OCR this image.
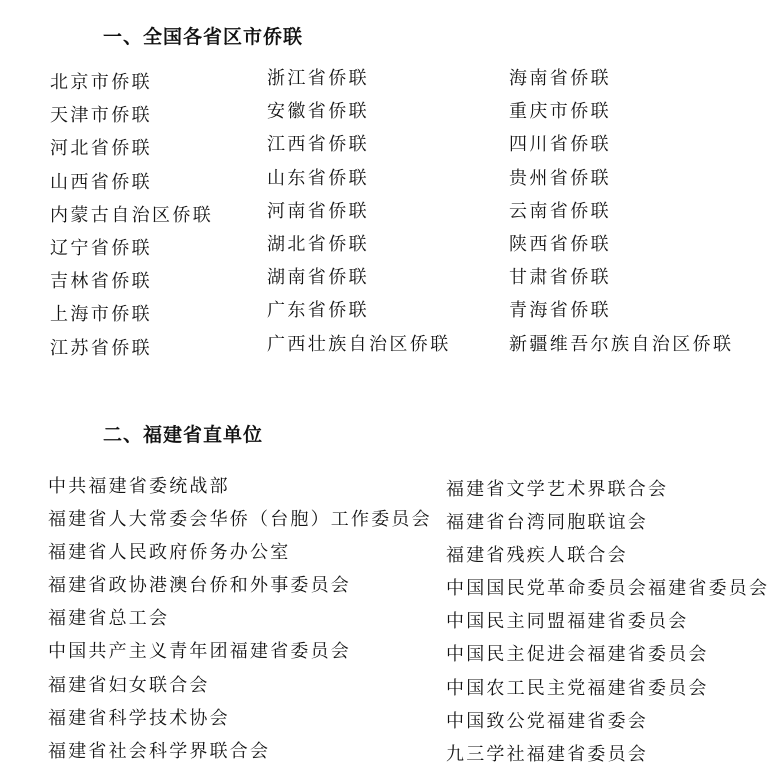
一、全国各省区市侨联
北京市侨联
天津市侨联
河北省侨联
山西省侨联
内蒙古自治区侨联
辽宁省侨联
吉林省侨联
上海市侨联
江苏省侨联
浙江省侨联
安徽省侨联
江西省侨联
山东省侨联
河南省侨联
湖北省侨联
湖南省侨联
广东省侨联
广西壮族自治区侨联
海南省侨联
重庆市侨联
四川省侨联
贵州省侨联
云南省侨联
陕西省侨联
甘肃省侨联
青海省侨联
新疆维吾尔族自治区侨联
二、福建省直单位
中共福建省委统战部
福建省人大常委会华侨（台胞）工作委员会
福建省人民政府侨务办公室
福建省政协港澳台侨和外事委员会
福建省总工会
中国共产主义青年团福建省委员会
福建省妇女联合会
福建省科学技术协会
福建省社会科学界联合会
福建省文学艺术界联合会
福建省台湾同胞联谊会
福建省残疾人联合会
中国国民党革命委员会福建省委员会
中国民主同盟福建省委员会
中国民主促进会福建省委员会
中国农工民主党福建省委员会
中国致公党福建省委会
九三学社福建省委员会
